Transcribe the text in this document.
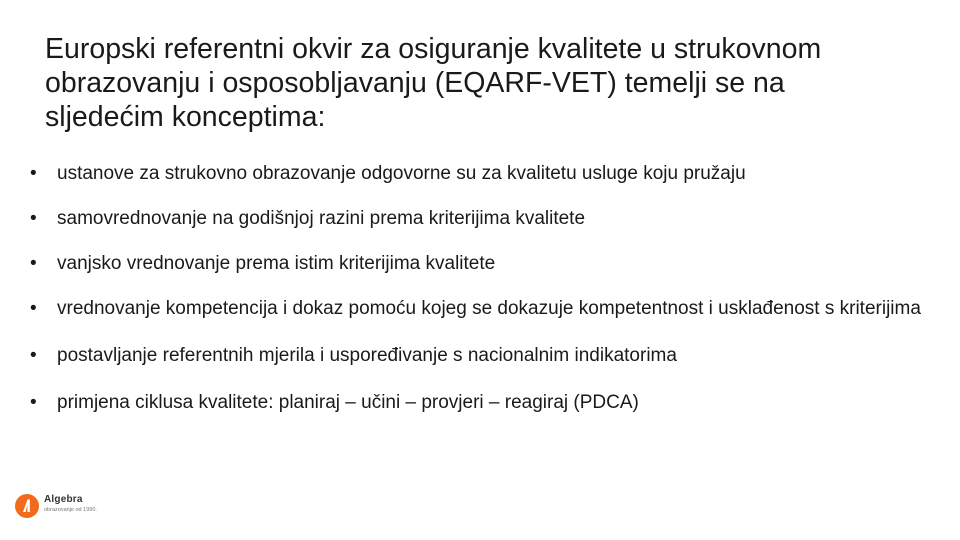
Europski referentni okvir za osiguranje kvalitete u strukovnom
obrazovanju i osposobljavanju (EQARF-VET) temelji se na
sljedećim konceptima:
• ustanove za strukovno obrazovanje odgovorne su za kvalitetu usluge koju pružaju
• samovrednovanje na godišnjoj razini prema kriterijima kvalitete
• vanjsko vrednovanje prema istim kriterijima kvalitete
• vrednovanje kompetencija i dokaz pomoću kojeg se dokazuje kompetentnost i usklađenost s kriterijima
• postavljanje referentnih mjerila i uspoređivanje s nacionalnim indikatorima
• primjena ciklusa kvalitete: planiraj – učini – provjeri – reagiraj (PDCA)
Algebra
obrazovanje od 1990.
